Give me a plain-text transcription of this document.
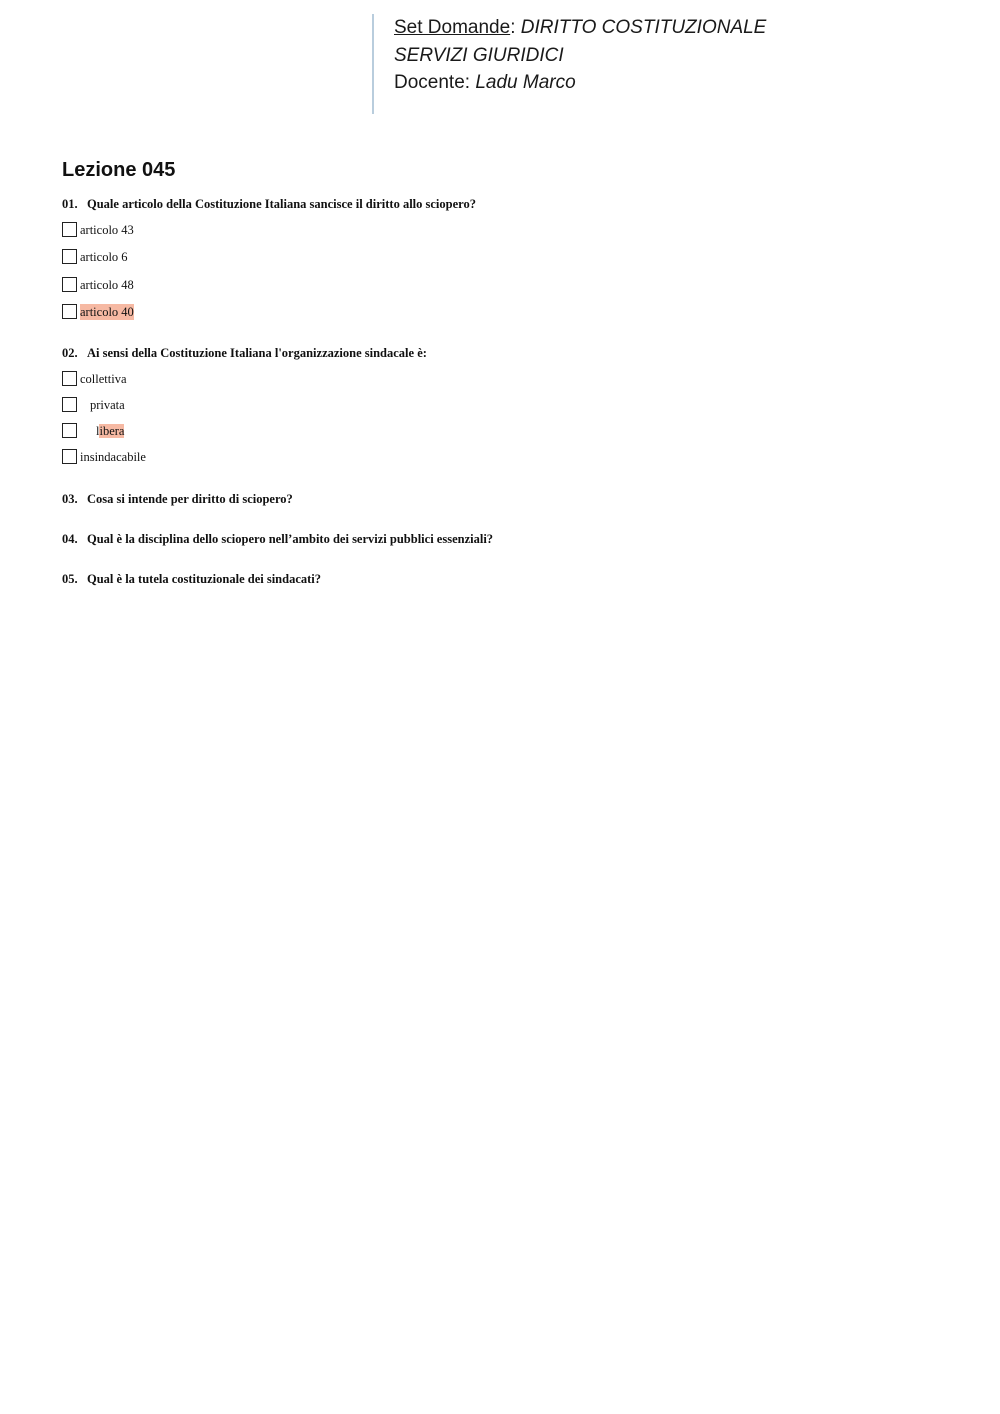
Set Domande: DIRITTO COSTITUZIONALE
SERVIZI GIURIDICI
Docente: Ladu Marco
Lezione 045
01. Quale articolo della Costituzione Italiana sancisce il diritto allo sciopero?
articolo 43
articolo 6
articolo 48
articolo 40
02. Ai sensi della Costituzione Italiana l'organizzazione sindacale è:
collettiva
privata
libera
insindacabile
03. Cosa si intende per diritto di sciopero?
04. Qual è la disciplina dello sciopero nell’ambito dei servizi pubblici essenziali?
05. Qual è la tutela costituzionale dei sindacati?
